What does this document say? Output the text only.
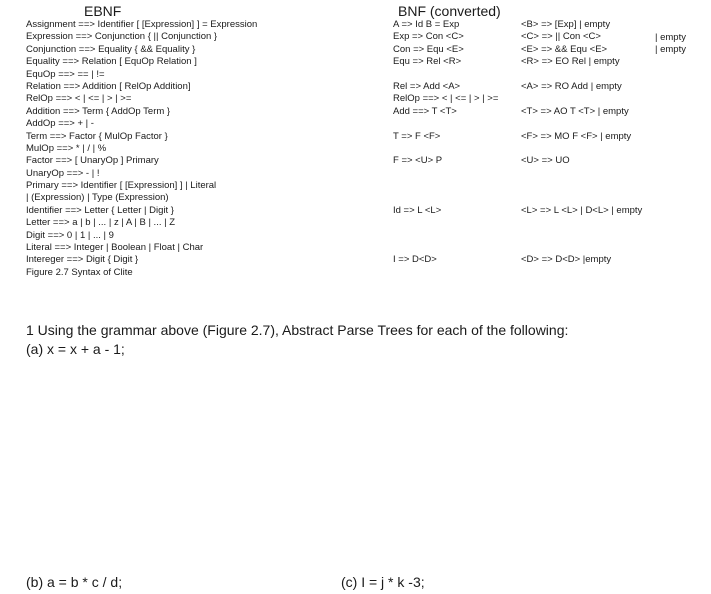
EBNF	BNF (converted)
Assignment ==> Identifier [ [Expression] ] = Expression
Expression ==> Conjunction { || Conjunction }
Conjunction ==> Equality { && Equality }
Equality ==> Relation [ EquOp Relation ]
EquOp ==> == | !=
Relation ==> Addition [ RelOp Addition]
RelOp ==> < | <= | > | >=
Addition ==> Term { AddOp Term }
AddOp ==> + | -
Term ==> Factor { MulOp Factor }
MulOp ==> * | / | %
Factor ==> [ UnaryOp ] Primary
UnaryOp ==> - | !
Primary ==> Identifier [ [Expression] ] | Literal
| (Expression) | Type (Expression)
Identifier ==> Letter { Letter | Digit }
Letter ==> a | b | ... | z | A | B | ... | Z
Digit ==> 0 | 1 | ... | 9
Literal ==> Integer | Boolean | Float | Char
Intereger ==> Digit { Digit }
Figure 2.7 Syntax of Clite
A => Id B = Exp
Exp => Con <C>
Con => Equ <E>
Equ => Rel <R>
Rel => Add <A>
RelOp ==> < | <= | > | >=
Add ==> T <T>
T => F <F>
F => <U> P
Id => L <L>
I => D<D>
<B> => [Exp] | empty
<C> => || Con <C>
<E> => && Equ <E>
<R> => EO Rel | empty
<A> => RO Add | empty
<T> => AO T <T> | empty
<F> => MO F <F> | empty
<U> => UO
<L> => L <L> | D<L> | empty
<D> => D<D> |empty
| empty
| empty
1 Using the grammar above (Figure 2.7), Abstract Parse Trees for each of the following:
(a) x = x + a - 1;
(b) a = b * c / d;	(c) I = j * k -3;
